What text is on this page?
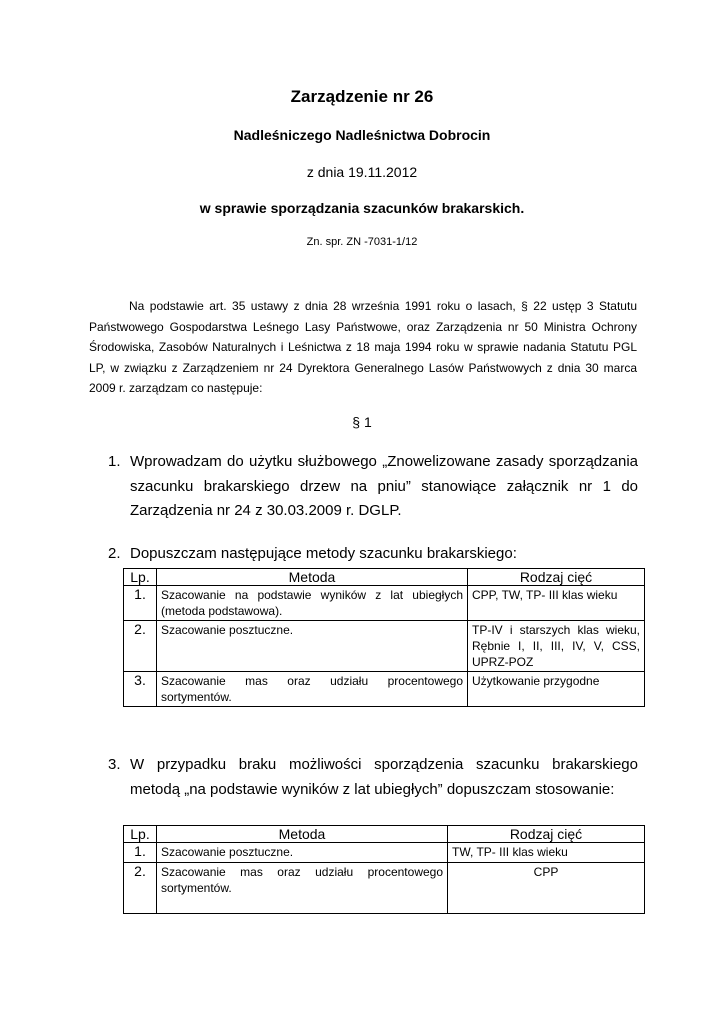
Zarządzenie nr 26
Nadleśniczego Nadleśnictwa Dobrocin
z dnia 19.11.2012
w sprawie sporządzania szacunków brakarskich.
Zn. spr. ZN -7031-1/12

Na podstawie art. 35 ustawy z dnia 28 września 1991 roku o lasach, § 22 ustęp 3 Statutu Państwowego Gospodarstwa Leśnego Lasy Państwowe, oraz Zarządzenia nr 50 Ministra Ochrony Środowiska, Zasobów Naturalnych i Leśnictwa z 18 maja 1994 roku w sprawie nadania Statutu PGL LP, w związku z Zarządzeniem nr 24 Dyrektora Generalnego Lasów Państwowych z dnia 30 marca 2009 r. zarządzam co następuje:

§ 1
1. Wprowadzam do użytku służbowego „Znowelizowane zasady sporządzania szacunku brakarskiego drzew na pniu” stanowiące załącznik nr 1 do Zarządzenia nr 24 z 30.03.2009 r. DGLP.
2. Dopuszczam następujące metody szacunku brakarskiego:
Lp.	Metoda	Rodzaj cięć
1.	Szacowanie na podstawie wyników z lat ubiegłych (metoda podstawowa).	CPP, TW, TP- III klas wieku
2.	Szacowanie posztuczne.	TP-IV i starszych klas wieku, Rębnie I, II, III, IV, V, CSS, UPRZ-POZ
3.	Szacowanie mas oraz udziału procentowego sortymentów.	Użytkowanie przygodne
3. W przypadku braku możliwości sporządzenia szacunku brakarskiego metodą „na podstawie wyników z lat ubiegłych” dopuszczam stosowanie:
Lp.	Metoda	Rodzaj cięć
1.	Szacowanie posztuczne.	TW, TP- III klas wieku
2.	Szacowanie mas oraz udziału procentowego sortymentów.	CPP
